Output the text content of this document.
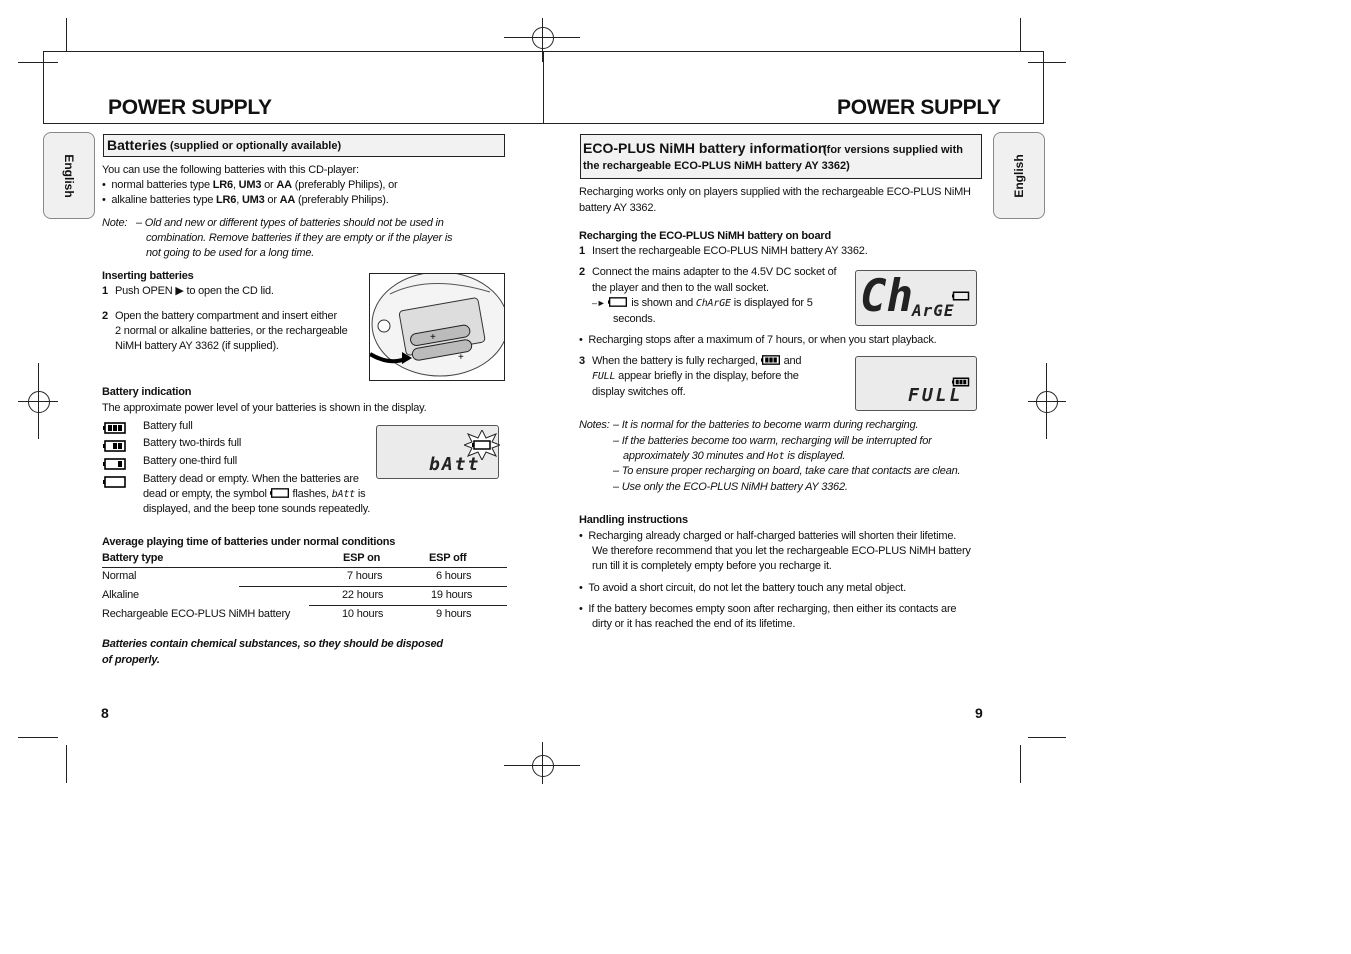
POWER SUPPLY
English
Batteries (supplied or optionally available)
You can use the following batteries with this CD-player:
•  normal batteries type LR6, UM3 or AA (preferably Philips), or
•  alkaline batteries type LR6, UM3 or AA (preferably Philips).
Note: – Old and new or different types of batteries should not be used in
combination. Remove batteries if they are empty or if the player is
not going to be used for a long time.
Inserting batteries
1 Push OPEN ▶ to open the CD lid.
2 Open the battery compartment and insert either
2 normal or alkaline batteries, or the rechargeable
NiMH battery AY 3362 (if supplied).
+
+
Battery indication
The approximate power level of your batteries is shown in the display.
Battery full
Battery two-thirds full
Battery one-third full
Battery dead or empty. When the batteries are
dead or empty, the symbol flashes, bAtt is
displayed, and the beep tone sounds repeatedly.
bAtt
Average playing time of batteries under normal conditions
Battery type	ESP on	ESP off
Normal	7 hours	6 hours
Alkaline	22 hours	19 hours
Rechargeable ECO-PLUS NiMH battery	10 hours	9 hours
Batteries contain chemical substances, so they should be disposed
of properly.
8
POWER SUPPLY
English
ECO-PLUS NiMH battery information
(for versions supplied with
the rechargeable ECO-PLUS NiMH battery AY 3362)
Recharging works only on players supplied with the rechargeable ECO-PLUS NiMH
battery AY 3362.
Recharging the ECO-PLUS NiMH battery on board
1 Insert the rechargeable ECO-PLUS NiMH battery AY 3362.
2 Connect the mains adapter to the 4.5V DC socket of
the player and then to the wall socket.
–► is shown and ChArGE is displayed for 5
seconds.	Ch ArGE
•  Recharging stops after a maximum of 7 hours, or when you start playback.
3 When the battery is fully recharged, and
FULL appear briefly in the display, before the
display switches off.	FULL
Notes: – It is normal for the batteries to become warm during recharging.
– If the batteries become too warm, recharging will be interrupted for
approximately 30 minutes and Hot is displayed.
– To ensure proper recharging on board, take care that contacts are clean.
– Use only the ECO-PLUS NiMH battery AY 3362.
Handling instructions
•  Recharging already charged or half-charged batteries will shorten their lifetime.
We therefore recommend that you let the rechargeable ECO-PLUS NiMH battery
run till it is completely empty before you recharge it.
•  To avoid a short circuit, do not let the battery touch any metal object.
•  If the battery becomes empty soon after recharging, then either its contacts are
dirty or it has reached the end of its lifetime.
9
